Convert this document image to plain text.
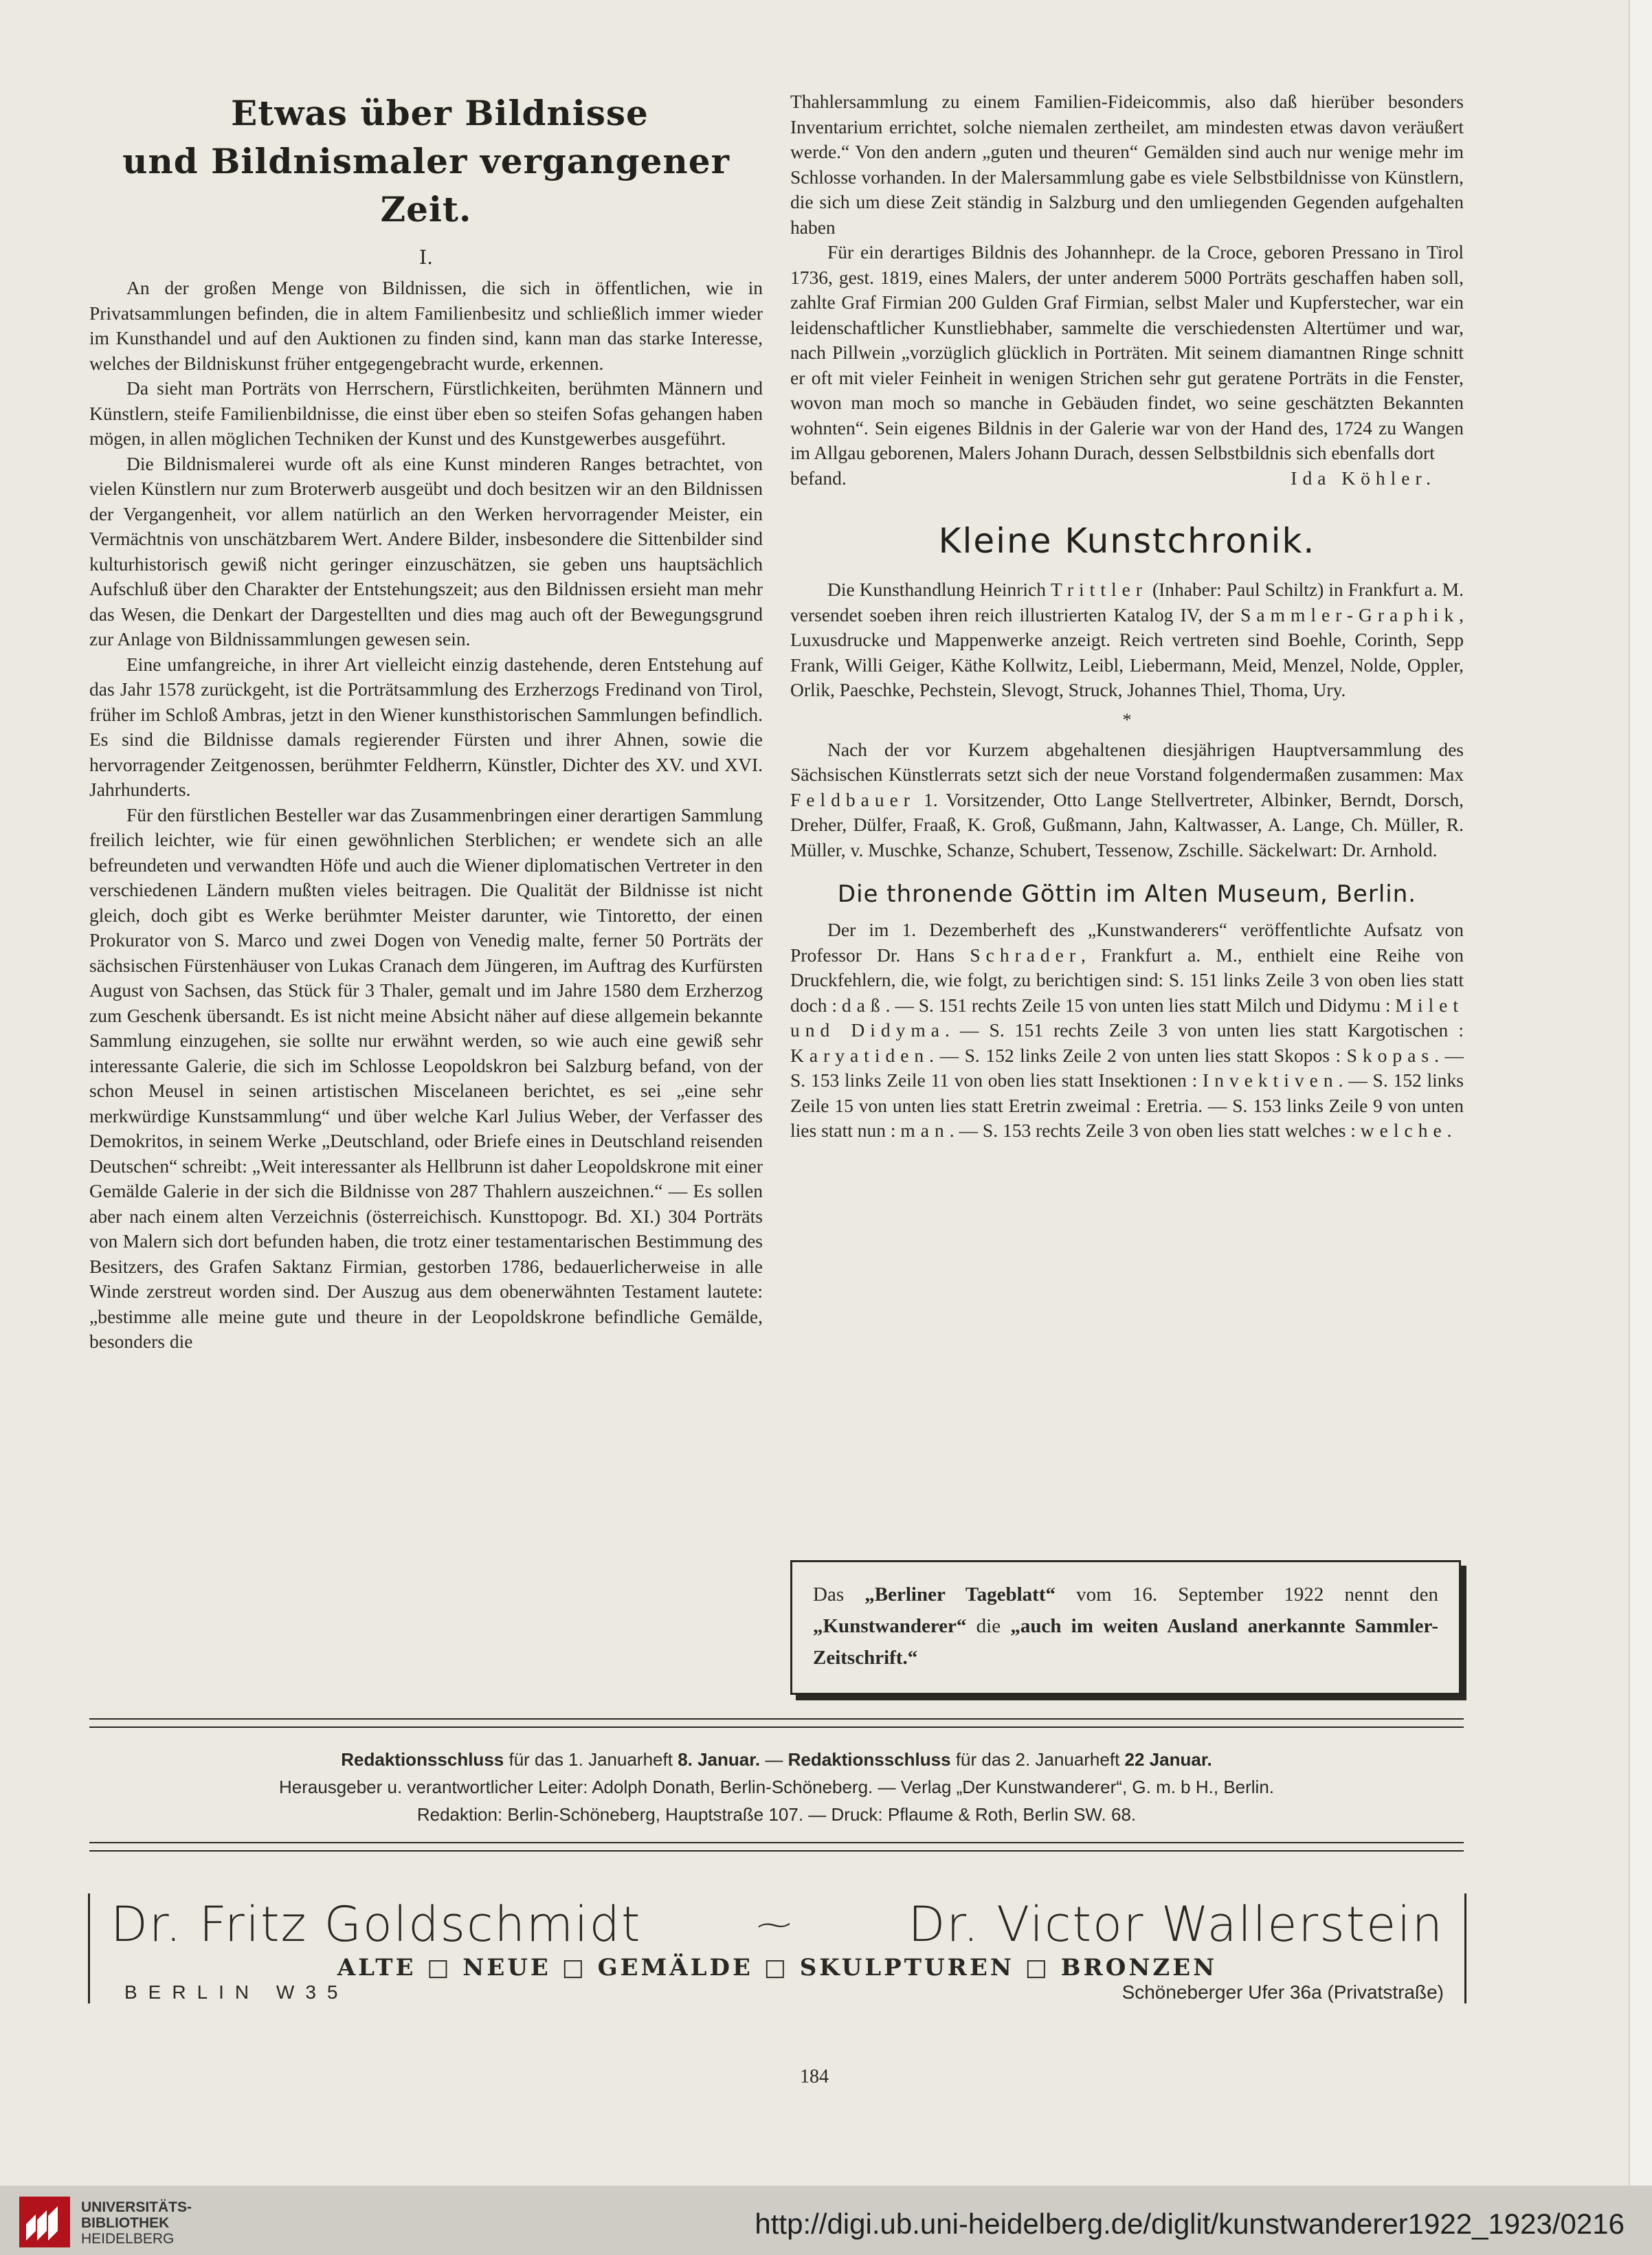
Etwas über Bildnisse
und Bildnismaler vergangener Zeit.
I.

An der großen Menge von Bildnissen, die sich in öffentlichen, wie in Privatsammlungen befinden, die in altem Familienbesitz und schließlich immer wieder im Kunsthandel und auf den Auktionen zu finden sind, kann man das starke Interesse, welches der Bildniskunst früher entgegengebracht wurde, erkennen.

Da sieht man Porträts von Herrschern, Fürstlichkeiten, berühmten Männern und Künstlern, steife Familienbildnisse, die einst über eben so steifen Sofas gehangen haben mögen, in allen möglichen Techniken der Kunst und des Kunstgewerbes ausgeführt.

Die Bildnismalerei wurde oft als eine Kunst minderen Ranges betrachtet, von vielen Künstlern nur zum Broterwerb ausgeübt und doch besitzen wir an den Bildnissen der Vergangenheit, vor allem natürlich an den Werken hervorragender Meister, ein Vermächtnis von unschätzbarem Wert. Andere Bilder, insbesondere die Sittenbilder sind kulturhistorisch gewiß nicht geringer einzuschätzen, sie geben uns hauptsächlich Aufschluß über den Charakter der Entstehungszeit; aus den Bildnissen ersieht man mehr das Wesen, die Denkart der Dargestellten und dies mag auch oft der Bewegungsgrund zur Anlage von Bildnissammlungen gewesen sein.

Eine umfangreiche, in ihrer Art vielleicht einzig dastehende, deren Entstehung auf das Jahr 1578 zurückgeht, ist die Porträtsammlung des Erzherzogs Fredinand von Tirol, früher im Schloß Ambras, jetzt in den Wiener kunsthistorischen Sammlungen befindlich. Es sind die Bildnisse damals regierender Fürsten und ihrer Ahnen, sowie die hervorragender Zeitgenossen, berühmter Feldherrn, Künstler, Dichter des XV. und XVI. Jahrhunderts.

Für den fürstlichen Besteller war das Zusammenbringen einer derartigen Sammlung freilich leichter, wie für einen gewöhnlichen Sterblichen; er wendete sich an alle befreundeten und verwandten Höfe und auch die Wiener diplomatischen Vertreter in den verschiedenen Ländern mußten vieles beitragen. Die Qualität der Bildnisse ist nicht gleich, doch gibt es Werke berühmter Meister darunter, wie Tintoretto, der einen Prokurator von S. Marco und zwei Dogen von Venedig malte, ferner 50 Porträts der sächsischen Fürstenhäuser von Lukas Cranach dem Jüngeren, im Auftrag des Kurfürsten August von Sachsen, das Stück für 3 Thaler, gemalt und im Jahre 1580 dem Erzherzog zum Geschenk übersandt. Es ist nicht meine Absicht näher auf diese allgemein bekannte Sammlung einzugehen, sie sollte nur erwähnt werden, so wie auch eine gewiß sehr interessante Galerie, die sich im Schlosse Leopoldskron bei Salzburg befand, von der schon Meusel in seinen artistischen Miscelaneen berichtet, es sei „eine sehr merkwürdige Kunstsammlung“ und über welche Karl Julius Weber, der Verfasser des Demokritos, in seinem Werke „Deutschland, oder Briefe eines in Deutschland reisenden Deutschen“ schreibt: „Weit interessanter als Hellbrunn ist daher Leopoldskrone mit einer Gemälde Galerie in der sich die Bildnisse von 287 Thahlern auszeichnen.“ — Es sollen aber nach einem alten Verzeichnis (österreichisch. Kunsttopogr. Bd. XI.) 304 Porträts von Malern sich dort befunden haben, die trotz einer testamentarischen Bestimmung des Besitzers, des Grafen Saktanz Firmian, gestorben 1786, bedauerlicherweise in alle Winde zerstreut worden sind. Der Auszug aus dem obenerwähnten Testament lautete: „bestimme alle meine gute und theure in der Leopoldskrone befindliche Gemälde, besonders die

Thahlersammlung zu einem Familien-Fideicommis, also daß hierüber besonders Inventarium errichtet, solche niemalen zertheilet, am mindesten etwas davon veräußert werde.“ Von den andern „guten und theuren“ Gemälden sind auch nur wenige mehr im Schlosse vorhanden. In der Malersammlung gabe es viele Selbstbildnisse von Künstlern, die sich um diese Zeit ständig in Salzburg und den umliegenden Gegenden aufgehalten haben

Für ein derartiges Bildnis des Johannhepr. de la Croce, geboren Pressano in Tirol 1736, gest. 1819, eines Malers, der unter anderem 5000 Porträts geschaffen haben soll, zahlte Graf Firmian 200 Gulden Graf Firmian, selbst Maler und Kupferstecher, war ein leidenschaftlicher Kunstliebhaber, sammelte die verschiedensten Altertümer und war, nach Pillwein „vorzüglich glücklich in Porträten. Mit seinem diamantnen Ringe schnitt er oft mit vieler Feinheit in wenigen Strichen sehr gut geratene Porträts in die Fenster, wovon man moch so manche in Gebäuden findet, wo seine geschätzten Bekannten wohnten“. Sein eigenes Bildnis in der Galerie war von der Hand des, 1724 zu Wangen im Allgau geborenen, Malers Johann Durach, dessen Selbstbildnis sich ebenfalls dort

befand.	Ida Köhler.
Kleine Kunstchronik.

Die Kunsthandlung Heinrich Trittler (Inhaber: Paul Schiltz) in Frankfurt a. M. versendet soeben ihren reich illustrierten Katalog IV, der Sammler-Graphik, Luxusdrucke und Mappenwerke anzeigt. Reich vertreten sind Boehle, Corinth, Sepp Frank, Willi Geiger, Käthe Kollwitz, Leibl, Liebermann, Meid, Menzel, Nolde, Oppler, Orlik, Paeschke, Pechstein, Slevogt, Struck, Johannes Thiel, Thoma, Ury.

*

Nach der vor Kurzem abgehaltenen diesjährigen Hauptversammlung des Sächsischen Künstlerrats setzt sich der neue Vorstand folgendermaßen zusammen: Max Feldbauer 1. Vorsitzender, Otto Lange Stellvertreter, Albinker, Berndt, Dorsch, Dreher, Dülfer, Fraaß, K. Groß, Gußmann, Jahn, Kaltwasser, A. Lange, Ch. Müller, R. Müller, v. Muschke, Schanze, Schubert, Tessenow, Zschille. Säckelwart: Dr. Arnhold.

Die thronende Göttin im Alten Museum, Berlin.

Der im 1. Dezemberheft des „Kunstwanderers“ veröffentlichte Aufsatz von Professor Dr. Hans Schrader, Frankfurt a. M., enthielt eine Reihe von Druckfehlern, die, wie folgt, zu berichtigen sind: S. 151 links Zeile 3 von oben lies statt doch : daß. — S. 151 rechts Zeile 15 von unten lies statt Milch und Didymu : Milet und Didyma. — S. 151 rechts Zeile 3 von unten lies statt Kargotischen : Karyatiden. — S. 152 links Zeile 2 von unten lies statt Skopos : Skopas. — S. 153 links Zeile 11 von oben lies statt Insektionen : Invektiven. — S. 152 links Zeile 15 von unten lies statt Eretrin zweimal : Eretria. — S. 153 links Zeile 9 von unten lies statt nun : man. — S. 153 rechts Zeile 3 von oben lies statt welches : welche.

Das „Berliner Tageblatt“ vom 16. September 1922 nennt den „Kunstwanderer“ die „auch im weiten Ausland anerkannte Sammler-Zeitschrift.“
Redaktionsschluss für das 1. Januarheft 8. Januar. — Redaktionsschluss für das 2. Januarheft 22 Januar.
Herausgeber u. verantwortlicher Leiter: Adolph Donath, Berlin-Schöneberg. — Verlag „Der Kunstwanderer“, G. m. b H., Berlin.
Redaktion: Berlin-Schöneberg, Hauptstraße 107. — Druck: Pflaume & Roth, Berlin SW. 68.
Dr. Fritz Goldschmidt	⁓ Dr. Victor Wallerstein
ALTE □ NEUE □ GEMÄLDE □ SKULPTUREN □ BRONZEN
BERLIN W35	Schöneberger Ufer 36a (Privatstraße)
184
UNIVERSITÄTS-
BIBLIOTHEK
HEIDELBERG	http://digi.ub.uni-heidelberg.de/diglit/kunstwanderer1922_1923/0216
